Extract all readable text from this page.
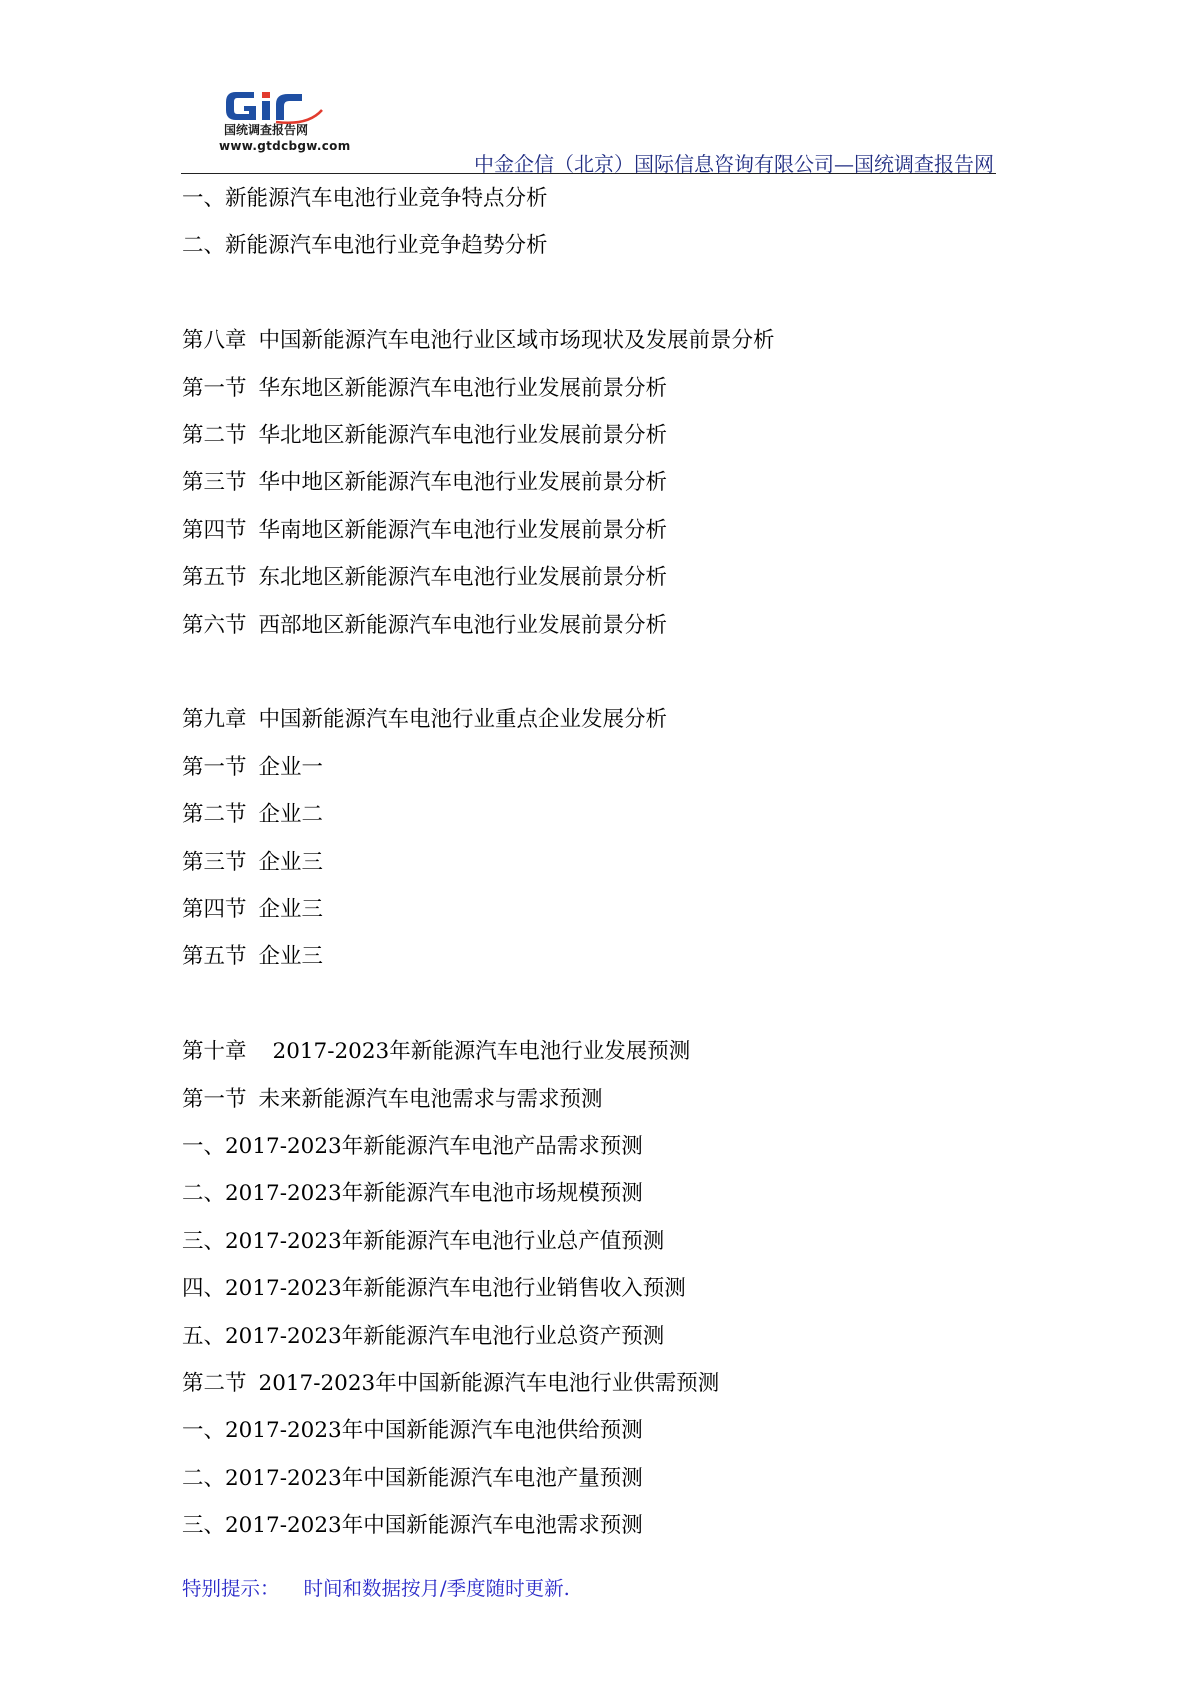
国统调查报告网
www.gtdcbgw.com
中金企信（北京）国际信息咨询有限公司—国统调查报告网
一、新能源汽车电池行业竞争特点分析
二、新能源汽车电池行业竞争趋势分析
第八章 中国新能源汽车电池行业区域市场现状及发展前景分析
第一节 华东地区新能源汽车电池行业发展前景分析
第二节 华北地区新能源汽车电池行业发展前景分析
第三节 华中地区新能源汽车电池行业发展前景分析
第四节 华南地区新能源汽车电池行业发展前景分析
第五节 东北地区新能源汽车电池行业发展前景分析
第六节 西部地区新能源汽车电池行业发展前景分析
第九章 中国新能源汽车电池行业重点企业发展分析
第一节 企业一
第二节 企业二
第三节 企业三
第四节 企业三
第五节 企业三
第十章 2017-2023年新能源汽车电池行业发展预测
第一节 未来新能源汽车电池需求与需求预测
一、2017-2023年新能源汽车电池产品需求预测
二、2017-2023年新能源汽车电池市场规模预测
三、2017-2023年新能源汽车电池行业总产值预测
四、2017-2023年新能源汽车电池行业销售收入预测
五、2017-2023年新能源汽车电池行业总资产预测
第二节 2017-2023年中国新能源汽车电池行业供需预测
一、2017-2023年中国新能源汽车电池供给预测
二、2017-2023年中国新能源汽车电池产量预测
三、2017-2023年中国新能源汽车电池需求预测
特别提示： 时间和数据按月/季度随时更新.
